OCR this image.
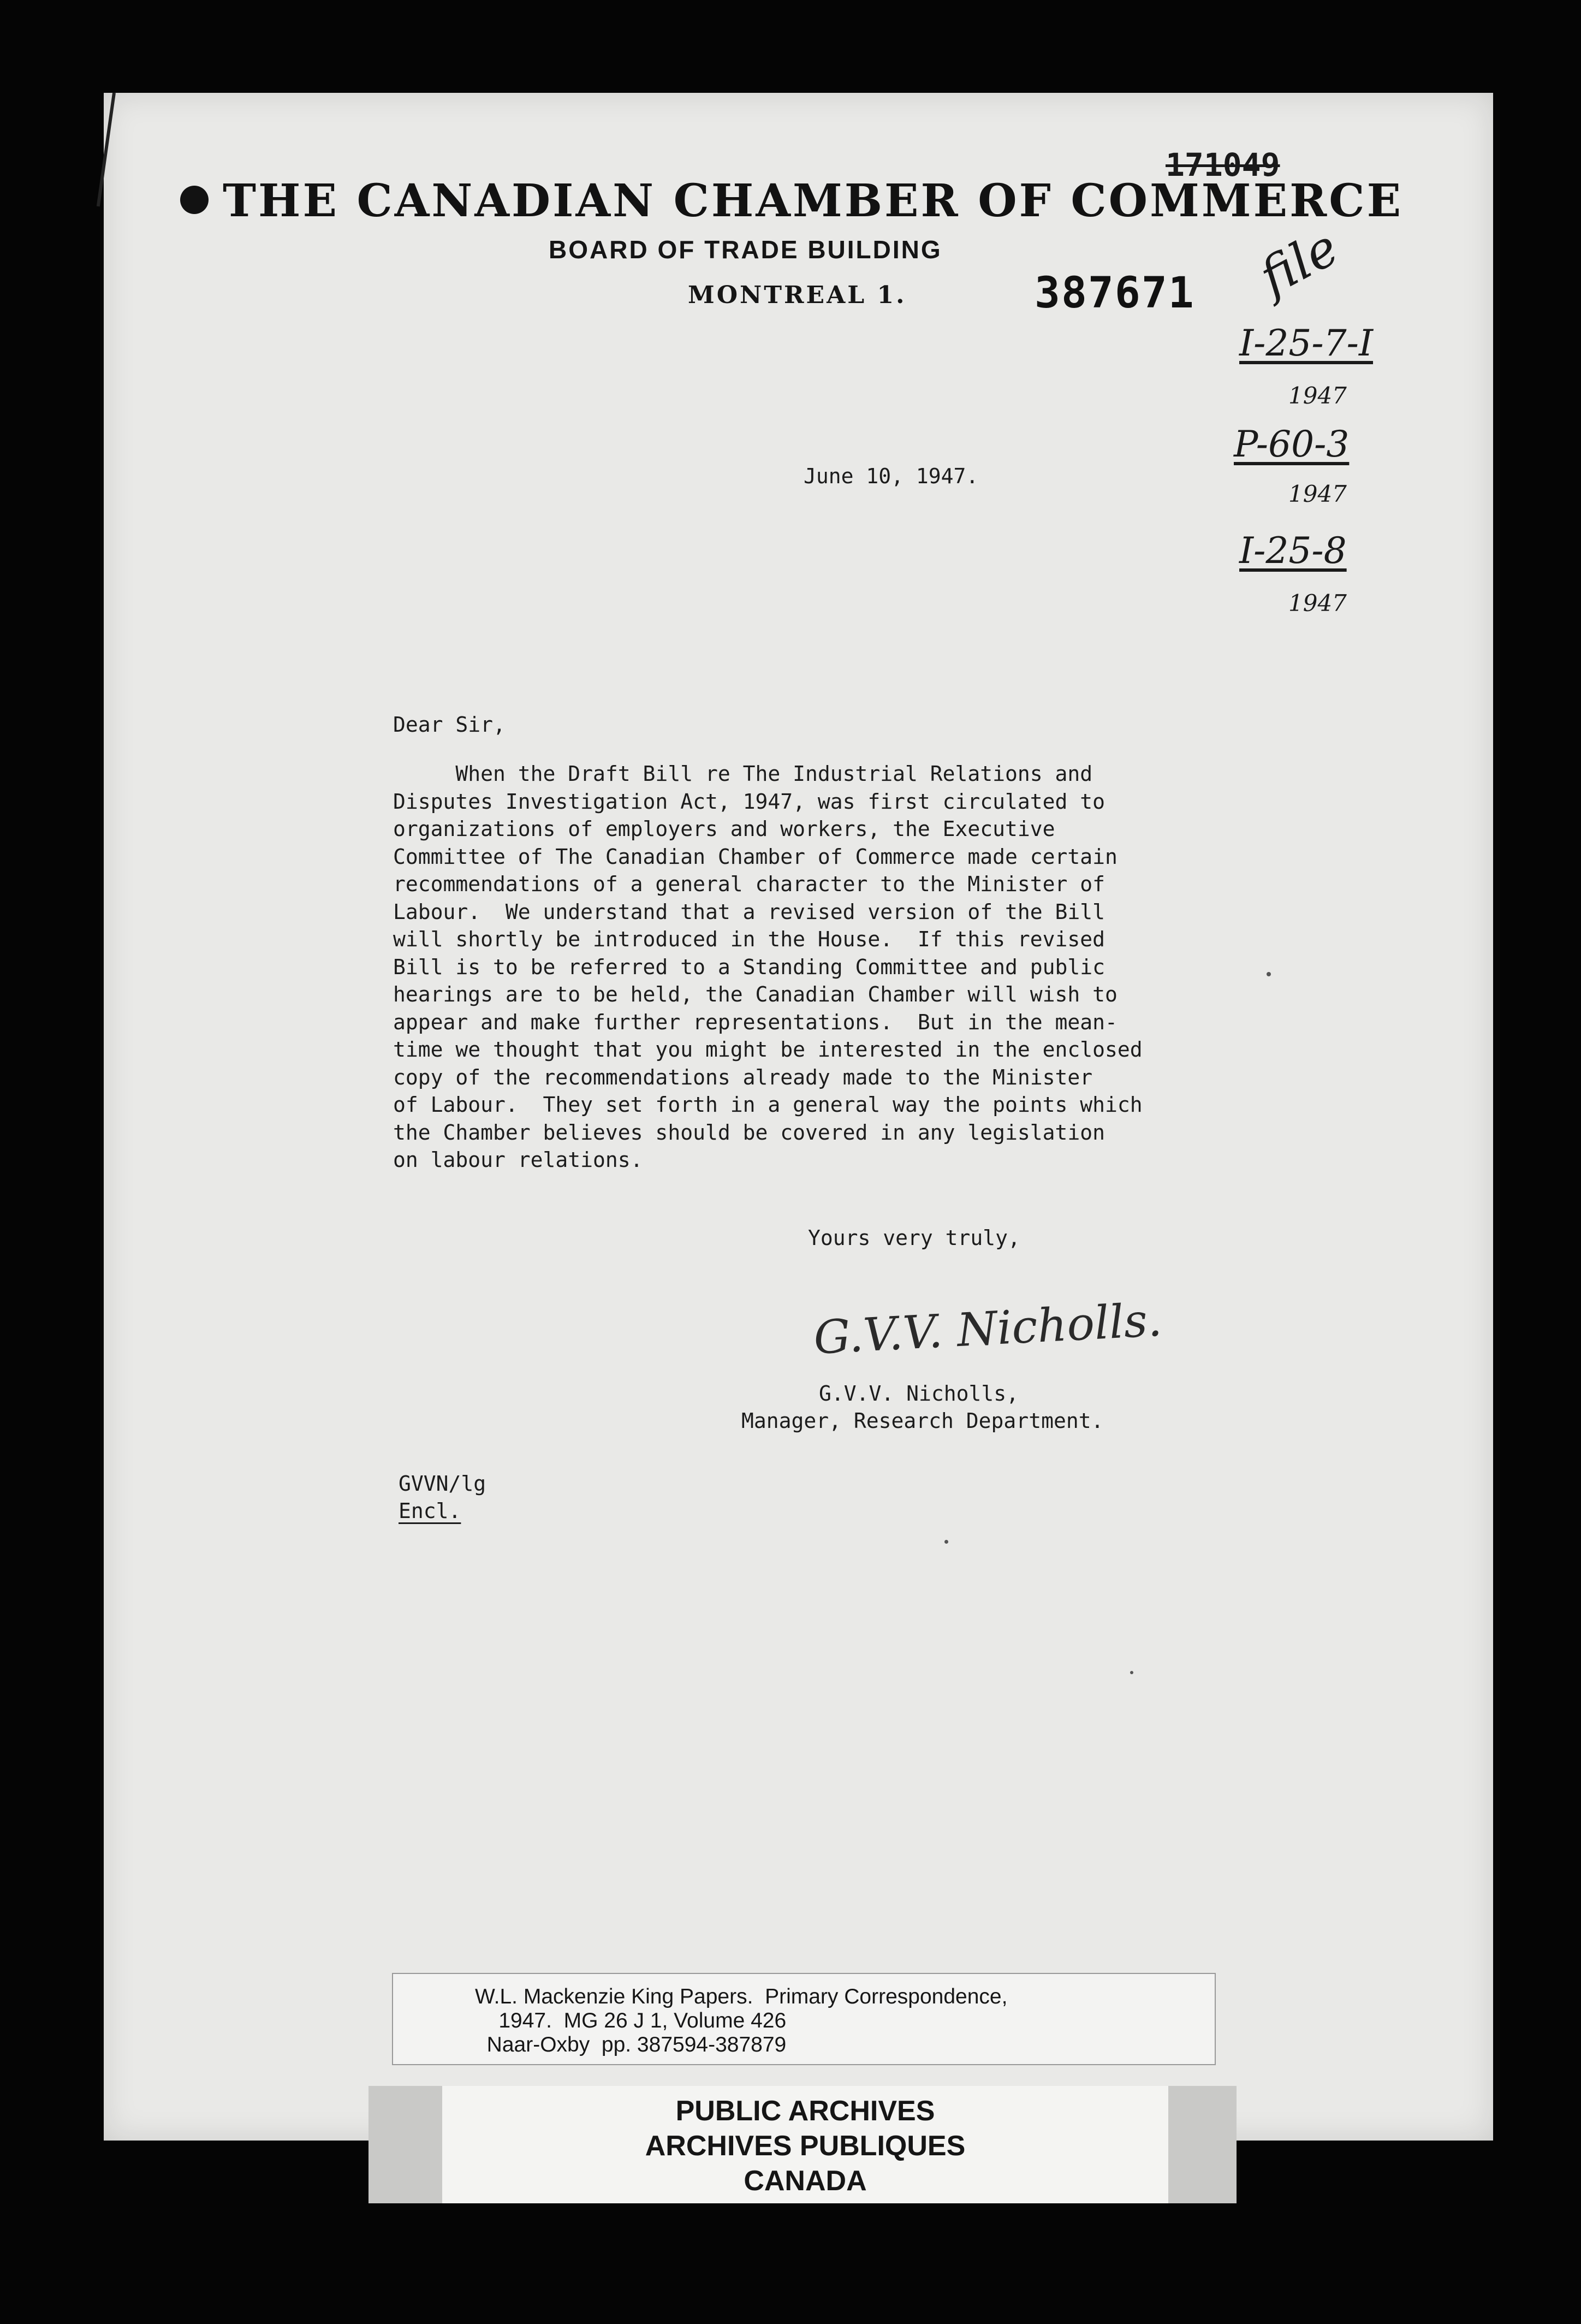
THE CANADIAN CHAMBER OF COMMERCE
BOARD OF TRADE BUILDING
MONTREAL 1.	387671
171049
file
I-25-7-I
1947
P-60-3
1947
I-25-8
1947
June 10, 1947.
Dear Sir,
When the Draft Bill re The Industrial Relations and
Disputes Investigation Act, 1947, was first circulated to
organizations of employers and workers, the Executive
Committee of The Canadian Chamber of Commerce made certain
recommendations of a general character to the Minister of
Labour.  We understand that a revised version of the Bill
will shortly be introduced in the House.  If this revised
Bill is to be referred to a Standing Committee and public
hearings are to be held, the Canadian Chamber will wish to
appear and make further representations.  But in the mean-
time we thought that you might be interested in the enclosed
copy of the recommendations already made to the Minister
of Labour.  They set forth in a general way the points which
the Chamber believes should be covered in any legislation
on labour relations.
Yours very truly,
G.V.V. Nicholls.
G.V.V. Nicholls,
Manager, Research Department.
GVVN/lg
Encl.
W.L. Mackenzie King Papers.  Primary Correspondence,
1947.  MG 26 J 1, Volume 426
Naar-Oxby  pp. 387594-387879
PUBLIC ARCHIVES
ARCHIVES PUBLIQUES
CANADA
